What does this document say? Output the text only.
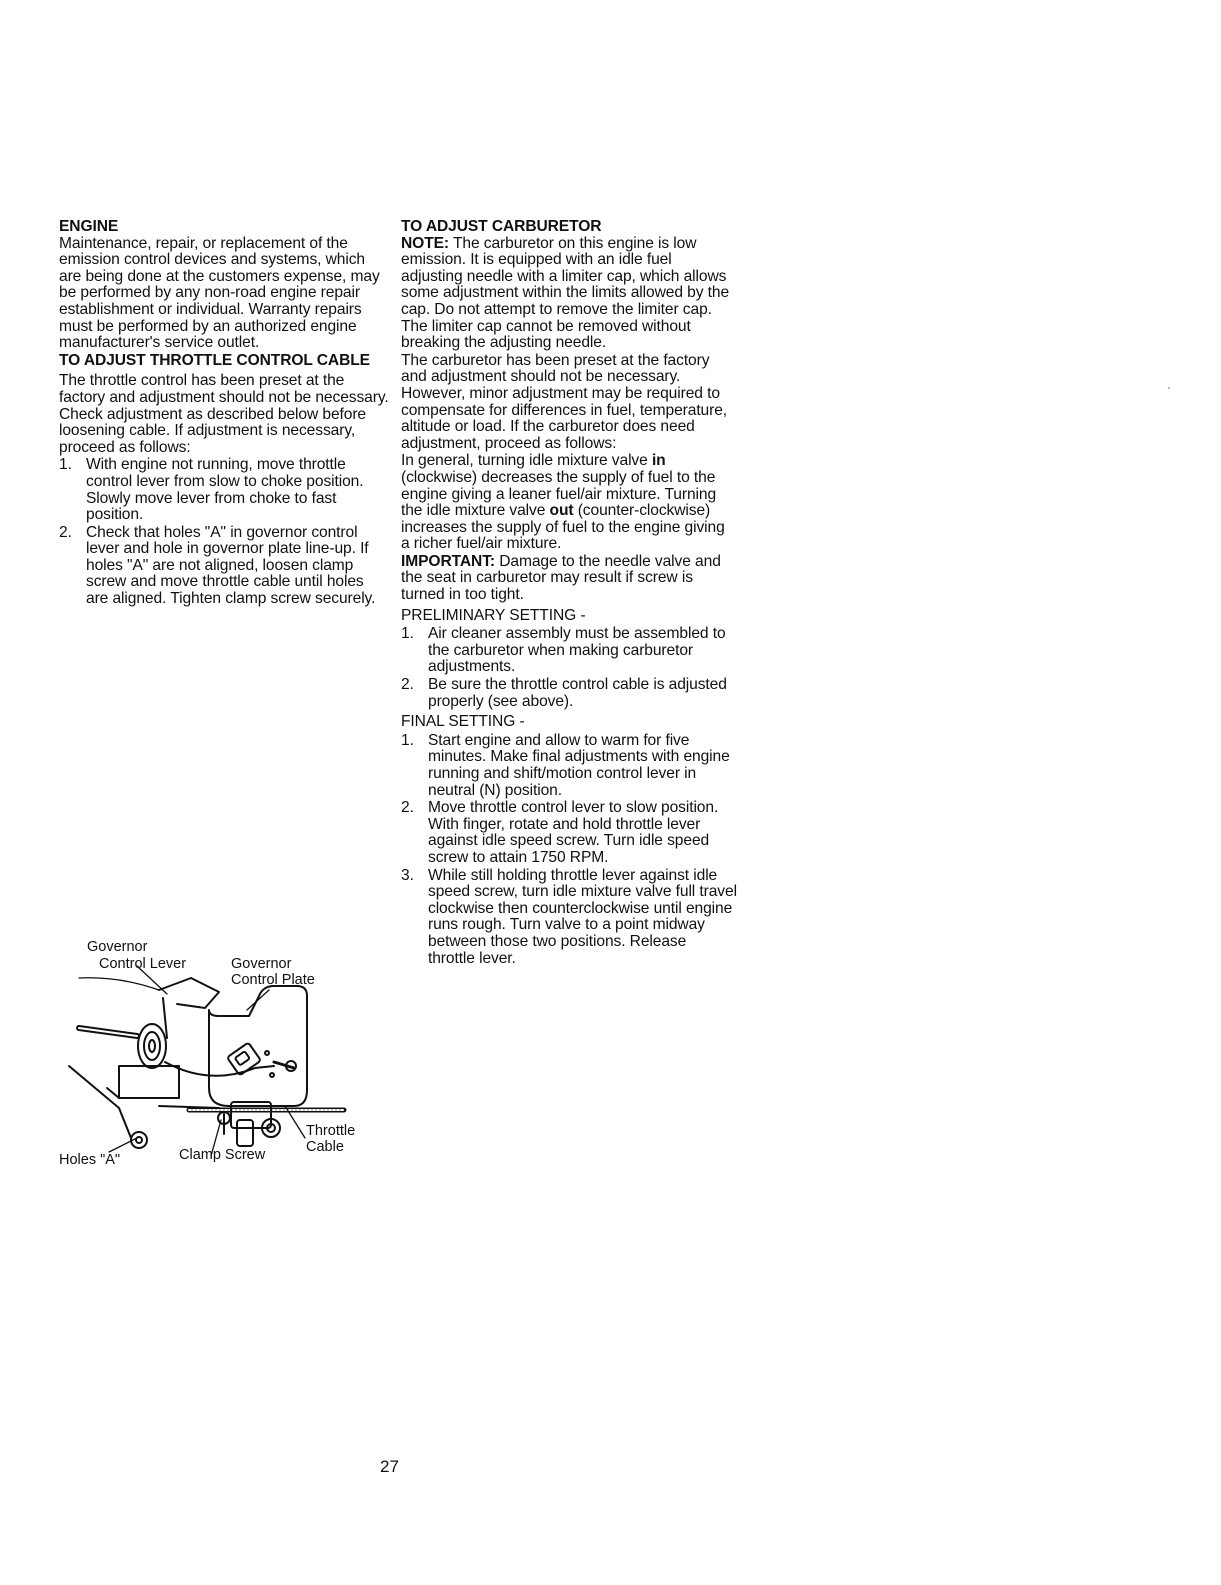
ENGINE

Maintenance, repair, or replacement of the emission control devices and systems, which are being done at the customers expense, may be performed by any non-road engine repair establishment or individual. Warranty repairs must be performed by an authorized engine manufacturer's service outlet.

TO ADJUST THROTTLE CONTROL CABLE

The throttle control has been preset at the factory and adjustment should not be necessary. Check adjustment as described below before loosening cable. If adjustment is necessary, proceed as follows:

1. With engine not running, move throttle control lever from slow to choke position. Slowly move lever from choke to fast position.
2. Check that holes "A" in governor control lever and hole in governor plate line-up. If holes "A" are not aligned, loosen clamp screw and move throttle cable until holes are aligned. Tighten clamp screw securely.
Governor
Control Lever	Governor
Control Plate
Throttle
Cable
Holes "A"	Clamp Screw
TO ADJUST CARBURETOR

NOTE: The carburetor on this engine is low emission. It is equipped with an idle fuel adjusting needle with a limiter cap, which allows some adjustment within the limits allowed by the cap. Do not attempt to remove the limiter cap. The limiter cap cannot be removed without breaking the adjusting needle.

The carburetor has been preset at the factory and adjustment should not be necessary. However, minor adjustment may be required to compensate for differences in fuel, temperature, altitude or load. If the carburetor does need adjustment, proceed as follows:

In general, turning idle mixture valve in (clockwise) decreases the supply of fuel to the engine giving a leaner fuel/air mixture. Turning the idle mixture valve out (counter-clockwise) increases the supply of fuel to the engine giving a richer fuel/air mixture.

IMPORTANT: Damage to the needle valve and the seat in carburetor may result if screw is turned in too tight.

PRELIMINARY SETTING -
1. Air cleaner assembly must be assembled to the carburetor when making carburetor adjustments.
2. Be sure the throttle control cable is adjusted properly (see above).
FINAL SETTING -
1. Start engine and allow to warm for five minutes. Make final adjustments with engine running and shift/motion control lever in neutral (N) position.
2. Move throttle control lever to slow position. With finger, rotate and hold throttle lever against idle speed screw. Turn idle speed screw to attain 1750 RPM.
3. While still holding throttle lever against idle speed screw, turn idle mixture valve full travel clockwise then counterclockwise until engine runs rough. Turn valve to a point midway between those two positions. Release throttle lever.
27
